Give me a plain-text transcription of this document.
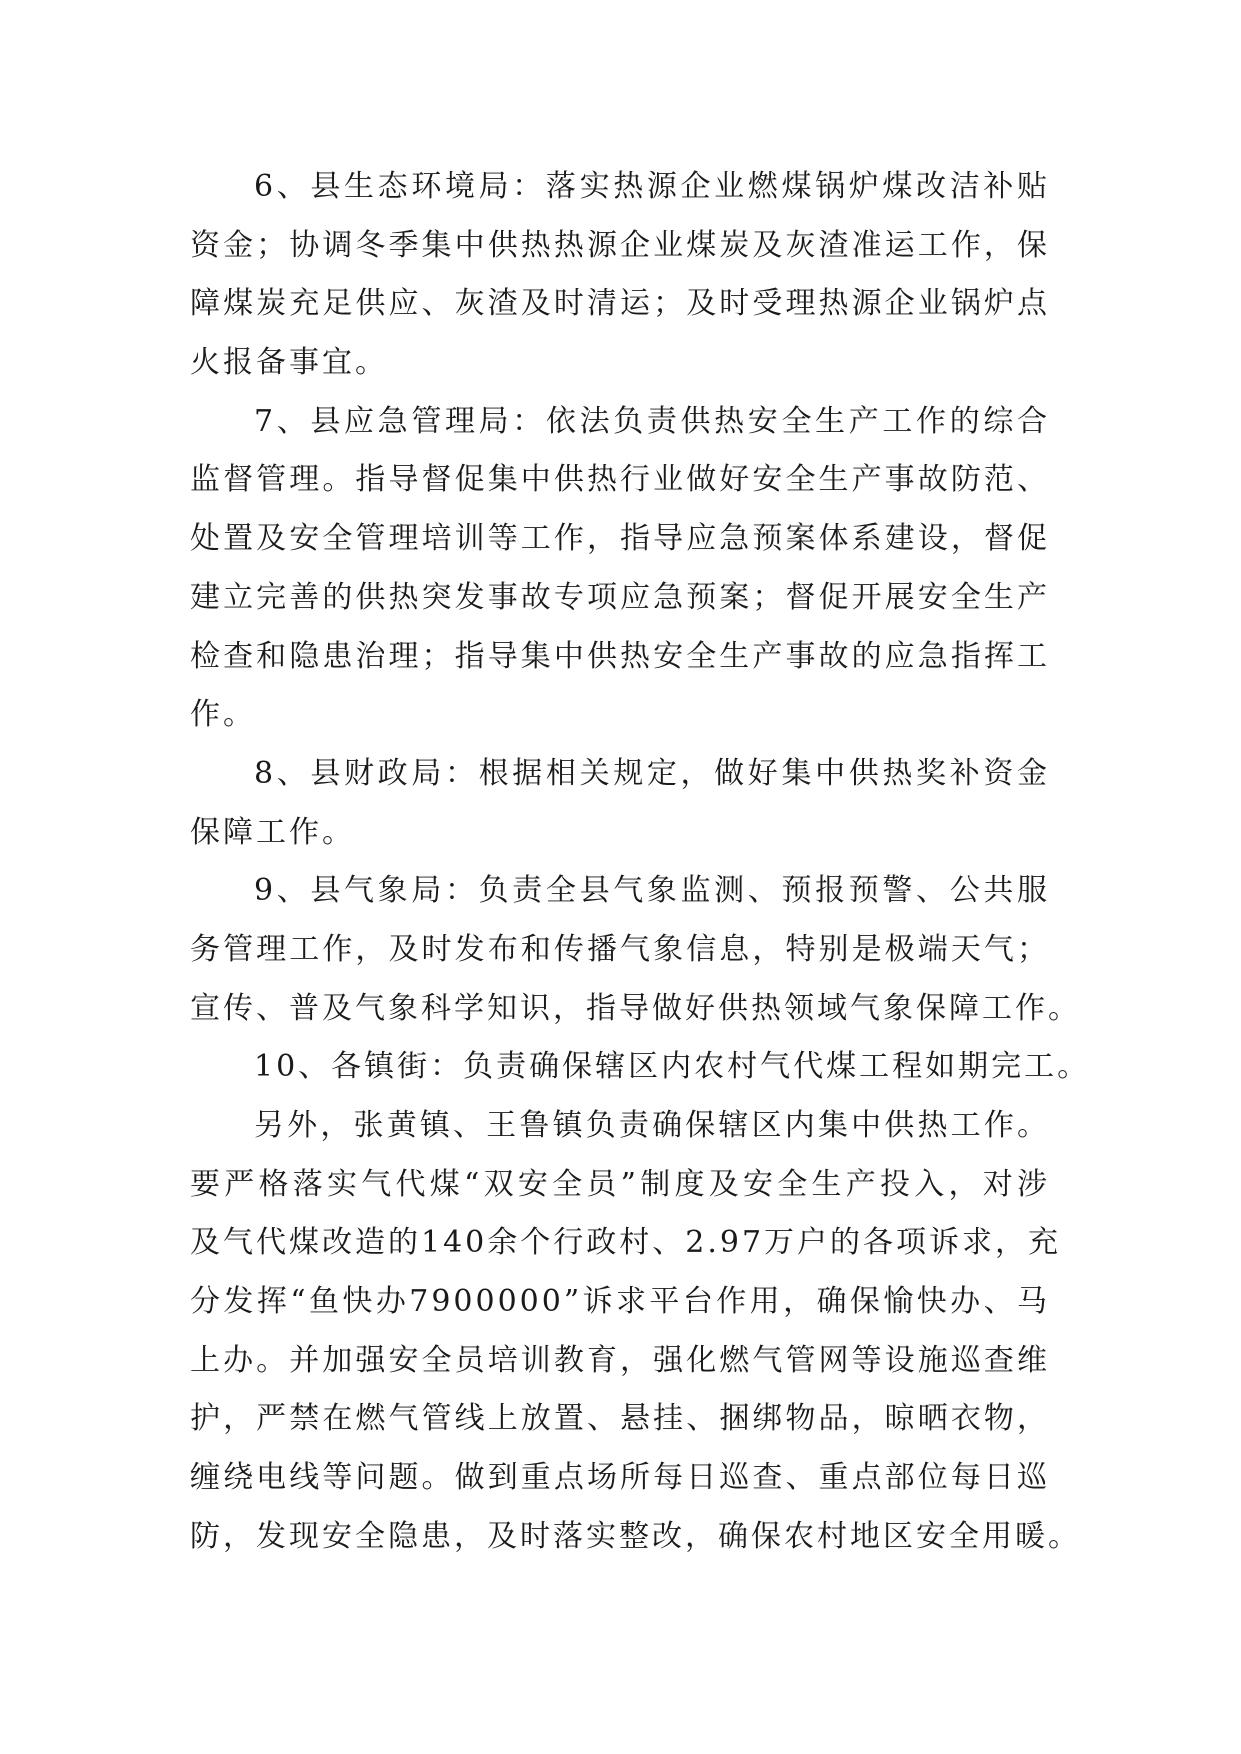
6、县生态环境局：落实热源企业燃煤锅炉煤改洁补贴
资金；协调冬季集中供热热源企业煤炭及灰渣准运工作，保
障煤炭充足供应、灰渣及时清运；及时受理热源企业锅炉点
火报备事宜。
7、县应急管理局：依法负责供热安全生产工作的综合
监督管理。指导督促集中供热行业做好安全生产事故防范、
处置及安全管理培训等工作，指导应急预案体系建设，督促
建立完善的供热突发事故专项应急预案；督促开展安全生产
检查和隐患治理；指导集中供热安全生产事故的应急指挥工
作。
8、县财政局：根据相关规定，做好集中供热奖补资金
保障工作。
9、县气象局：负责全县气象监测、预报预警、公共服
务管理工作，及时发布和传播气象信息，特别是极端天气；
宣传、普及气象科学知识，指导做好供热领域气象保障工作。
10、各镇街：负责确保辖区内农村气代煤工程如期完工。
另外，张黄镇、王鲁镇负责确保辖区内集中供热工作。
要严格落实气代煤“双安全员”制度及安全生产投入，对涉
及气代煤改造的140余个行政村、2.97万户的各项诉求，充
分发挥“鱼快办7900000”诉求平台作用，确保愉快办、马
上办。并加强安全员培训教育，强化燃气管网等设施巡查维
护，严禁在燃气管线上放置、悬挂、捆绑物品，晾晒衣物，
缠绕电线等问题。做到重点场所每日巡查、重点部位每日巡
防，发现安全隐患，及时落实整改，确保农村地区安全用暖。
